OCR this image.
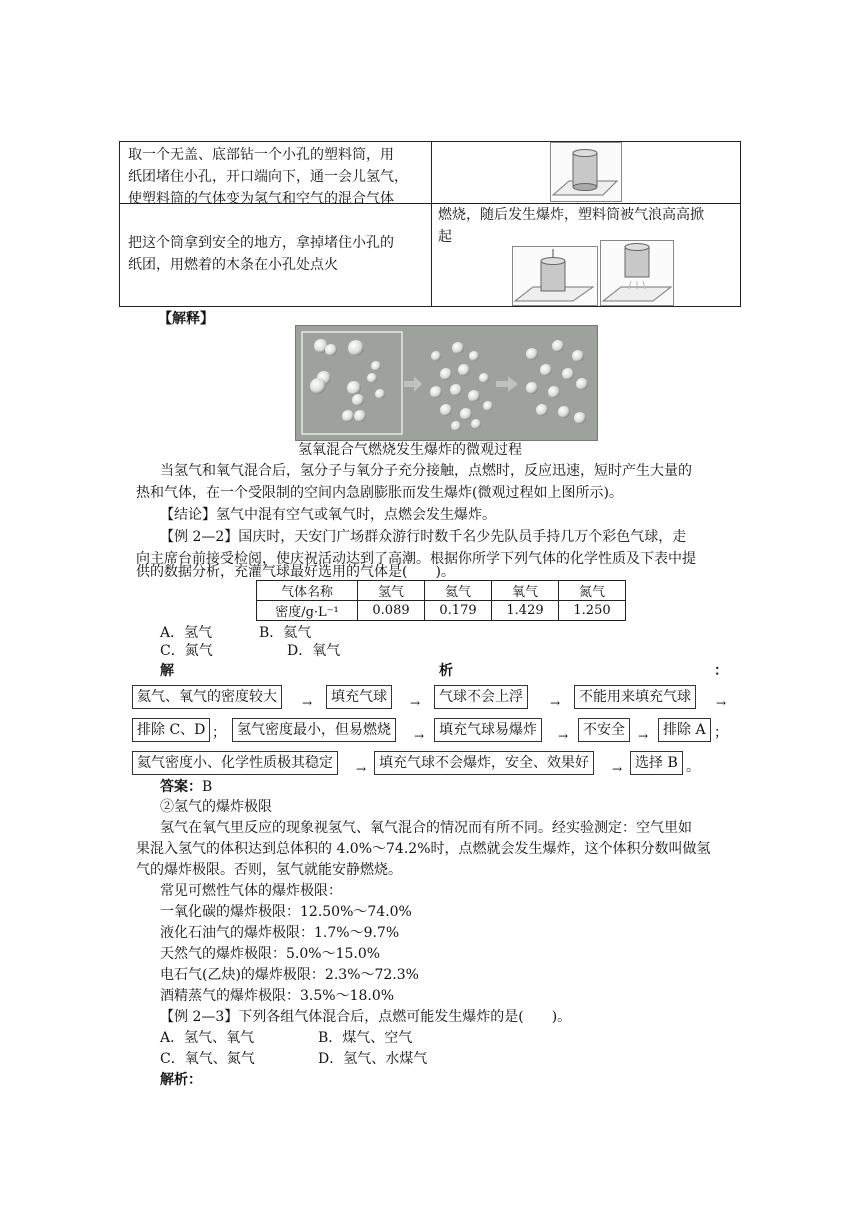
取一个无盖、底部钻一个小孔的塑料筒，用
纸团堵住小孔，开口端向下，通一会儿氢气，
使塑料筒的气体变为氢气和空气的混合气体
把这个筒拿到安全的地方，拿掉堵住小孔的
纸团，用燃着的木条在小孔处点火
燃烧，随后发生爆炸，塑料筒被气浪高高掀
起
【解释】
氢氧混合气燃烧发生爆炸的微观过程
当氢气和氧气混合后，氢分子与氧分子充分接触，点燃时，反应迅速，短时产生大量的
热和气体，在一个受限制的空间内急剧膨胀而发生爆炸(微观过程如上图所示)。
【结论】氢气中混有空气或氧气时，点燃会发生爆炸。
【例 2—2】国庆时，天安门广场群众游行时数千名少先队员手持几万个彩色气球，走
向主席台前接受检阅，使庆祝活动达到了高潮。根据你所学下列气体的化学性质及下表中提
供的数据分析，充灌气球最好选用的气体是(　　)。
气体名称	氢气	氦气	氧气	氮气
密度/g·L⁻¹	0.089	0.179	1.429	1.250
A．氢气	B．氦气
C．氮气	D．氧气
解	析	：
氦气、氧气的密度较大	→	填充气球	→	气球不会上浮	→	不能用来填充气球	→
排除 C、D ； 氢气密度最小，但易燃烧	→	填充气球易爆炸	→	不安全	→	排除 A ；
氦气密度小、化学性质极其稳定	→ 填充气球不会爆炸，安全、效果好	→ 选择 B 。
答案：B
②氢气的爆炸极限
氢气在氧气里反应的现象视氢气、氧气混合的情况而有所不同。经实验测定：空气里如
果混入氢气的体积达到总体积的 4.0%～74.2%时，点燃就会发生爆炸，这个体积分数叫做氢
气的爆炸极限。否则，氢气就能安静燃烧。
常见可燃性气体的爆炸极限：
一氧化碳的爆炸极限：12.50%～74.0%
液化石油气的爆炸极限：1.7%～9.7%
天然气的爆炸极限：5.0%～15.0%
电石气(乙炔)的爆炸极限：2.3%～72.3%
酒精蒸气的爆炸极限：3.5%～18.0%
【例 2—3】下列各组气体混合后，点燃可能发生爆炸的是(　　)。
A．氢气、氧气	B．煤气、空气
C．氧气、氮气	D．氢气、水煤气
解析：
